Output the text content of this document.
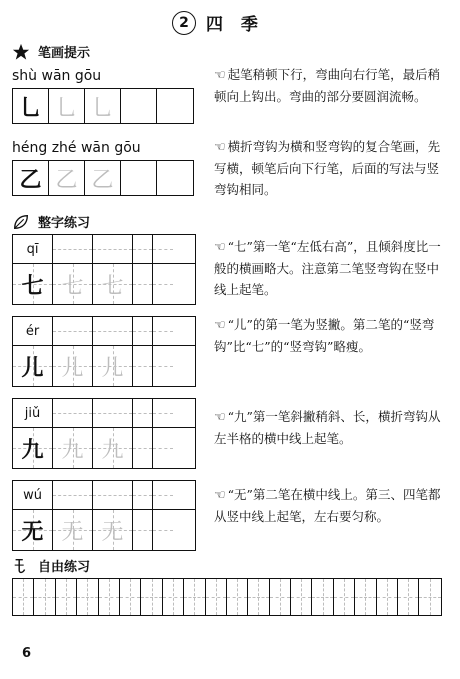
2	四 季
笔画提示
shù wān gōu
乚 乚 乚
☜ 起笔稍顿下行，弯曲向右行笔，最后稍顿向上钩出。弯曲的部分要圆润流畅。
héng zhé wān gōu
乙 乙 乙
☜ 横折弯钩为横和竖弯钩的复合笔画，先写横，顿笔后向下行笔，后面的写法与竖弯钩相同。
整字练习
qī
七 七 七
☜ “七”第一笔“左低右高”，且倾斜度比一般的横画略大。注意第二笔竖弯钩在竖中线上起笔。
ér
儿 儿 儿
☜ “儿”的第一笔为竖撇。第二笔的“竖弯钩”比“七”的“竖弯钩”略瘦。
jiǔ
九 九 九
☜ “九”第一笔斜撇稍斜、长，横折弯钩从左半格的横中线上起笔。
wú
无 无 无
☜ “无”第二笔在横中线上。第三、四笔都从竖中线上起笔，左右要匀称。
自由练习
6
